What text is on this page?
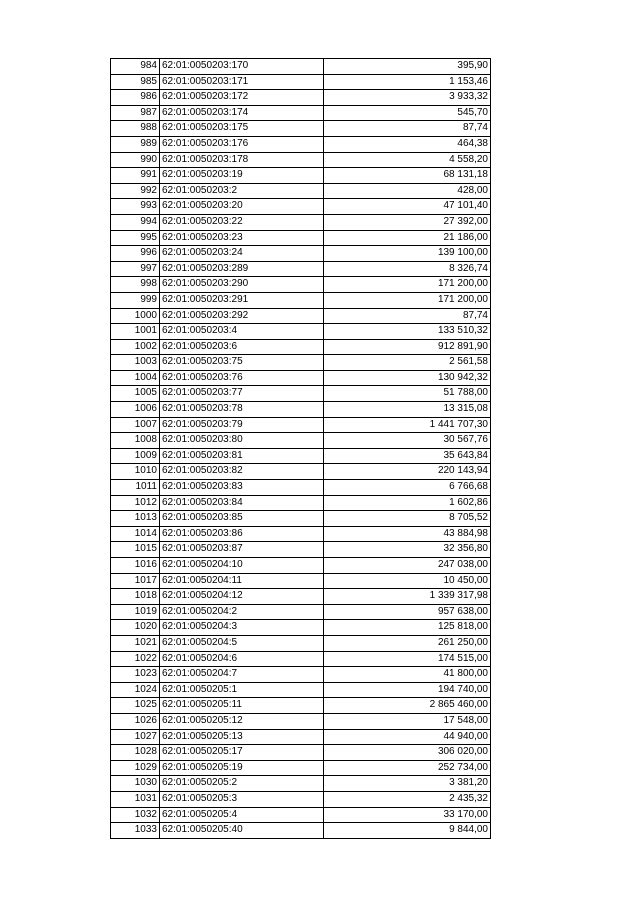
984	62:01:0050203:170	395,90
985	62:01:0050203:171	1 153,46
986	62:01:0050203:172	3 933,32
987	62:01:0050203:174	545,70
988	62:01:0050203:175	87,74
989	62:01:0050203:176	464,38
990	62:01:0050203:178	4 558,20
991	62:01:0050203:19	68 131,18
992	62:01:0050203:2	428,00
993	62:01:0050203:20	47 101,40
994	62:01:0050203:22	27 392,00
995	62:01:0050203:23	21 186,00
996	62:01:0050203:24	139 100,00
997	62:01:0050203:289	8 326,74
998	62:01:0050203:290	171 200,00
999	62:01:0050203:291	171 200,00
1000	62:01:0050203:292	87,74
1001	62:01:0050203:4	133 510,32
1002	62:01:0050203:6	912 891,90
1003	62:01:0050203:75	2 561,58
1004	62:01:0050203:76	130 942,32
1005	62:01:0050203:77	51 788,00
1006	62:01:0050203:78	13 315,08
1007	62:01:0050203:79	1 441 707,30
1008	62:01:0050203:80	30 567,76
1009	62:01:0050203:81	35 643,84
1010	62:01:0050203:82	220 143,94
1011	62:01:0050203:83	6 766,68
1012	62:01:0050203:84	1 602,86
1013	62:01:0050203:85	8 705,52
1014	62:01:0050203:86	43 884,98
1015	62:01:0050203:87	32 356,80
1016	62:01:0050204:10	247 038,00
1017	62:01:0050204:11	10 450,00
1018	62:01:0050204:12	1 339 317,98
1019	62:01:0050204:2	957 638,00
1020	62:01:0050204:3	125 818,00
1021	62:01:0050204:5	261 250,00
1022	62:01:0050204:6	174 515,00
1023	62:01:0050204:7	41 800,00
1024	62:01:0050205:1	194 740,00
1025	62:01:0050205:11	2 865 460,00
1026	62:01:0050205:12	17 548,00
1027	62:01:0050205:13	44 940,00
1028	62:01:0050205:17	306 020,00
1029	62:01:0050205:19	252 734,00
1030	62:01:0050205:2	3 381,20
1031	62:01:0050205:3	2 435,32
1032	62:01:0050205:4	33 170,00
1033	62:01:0050205:40	9 844,00
